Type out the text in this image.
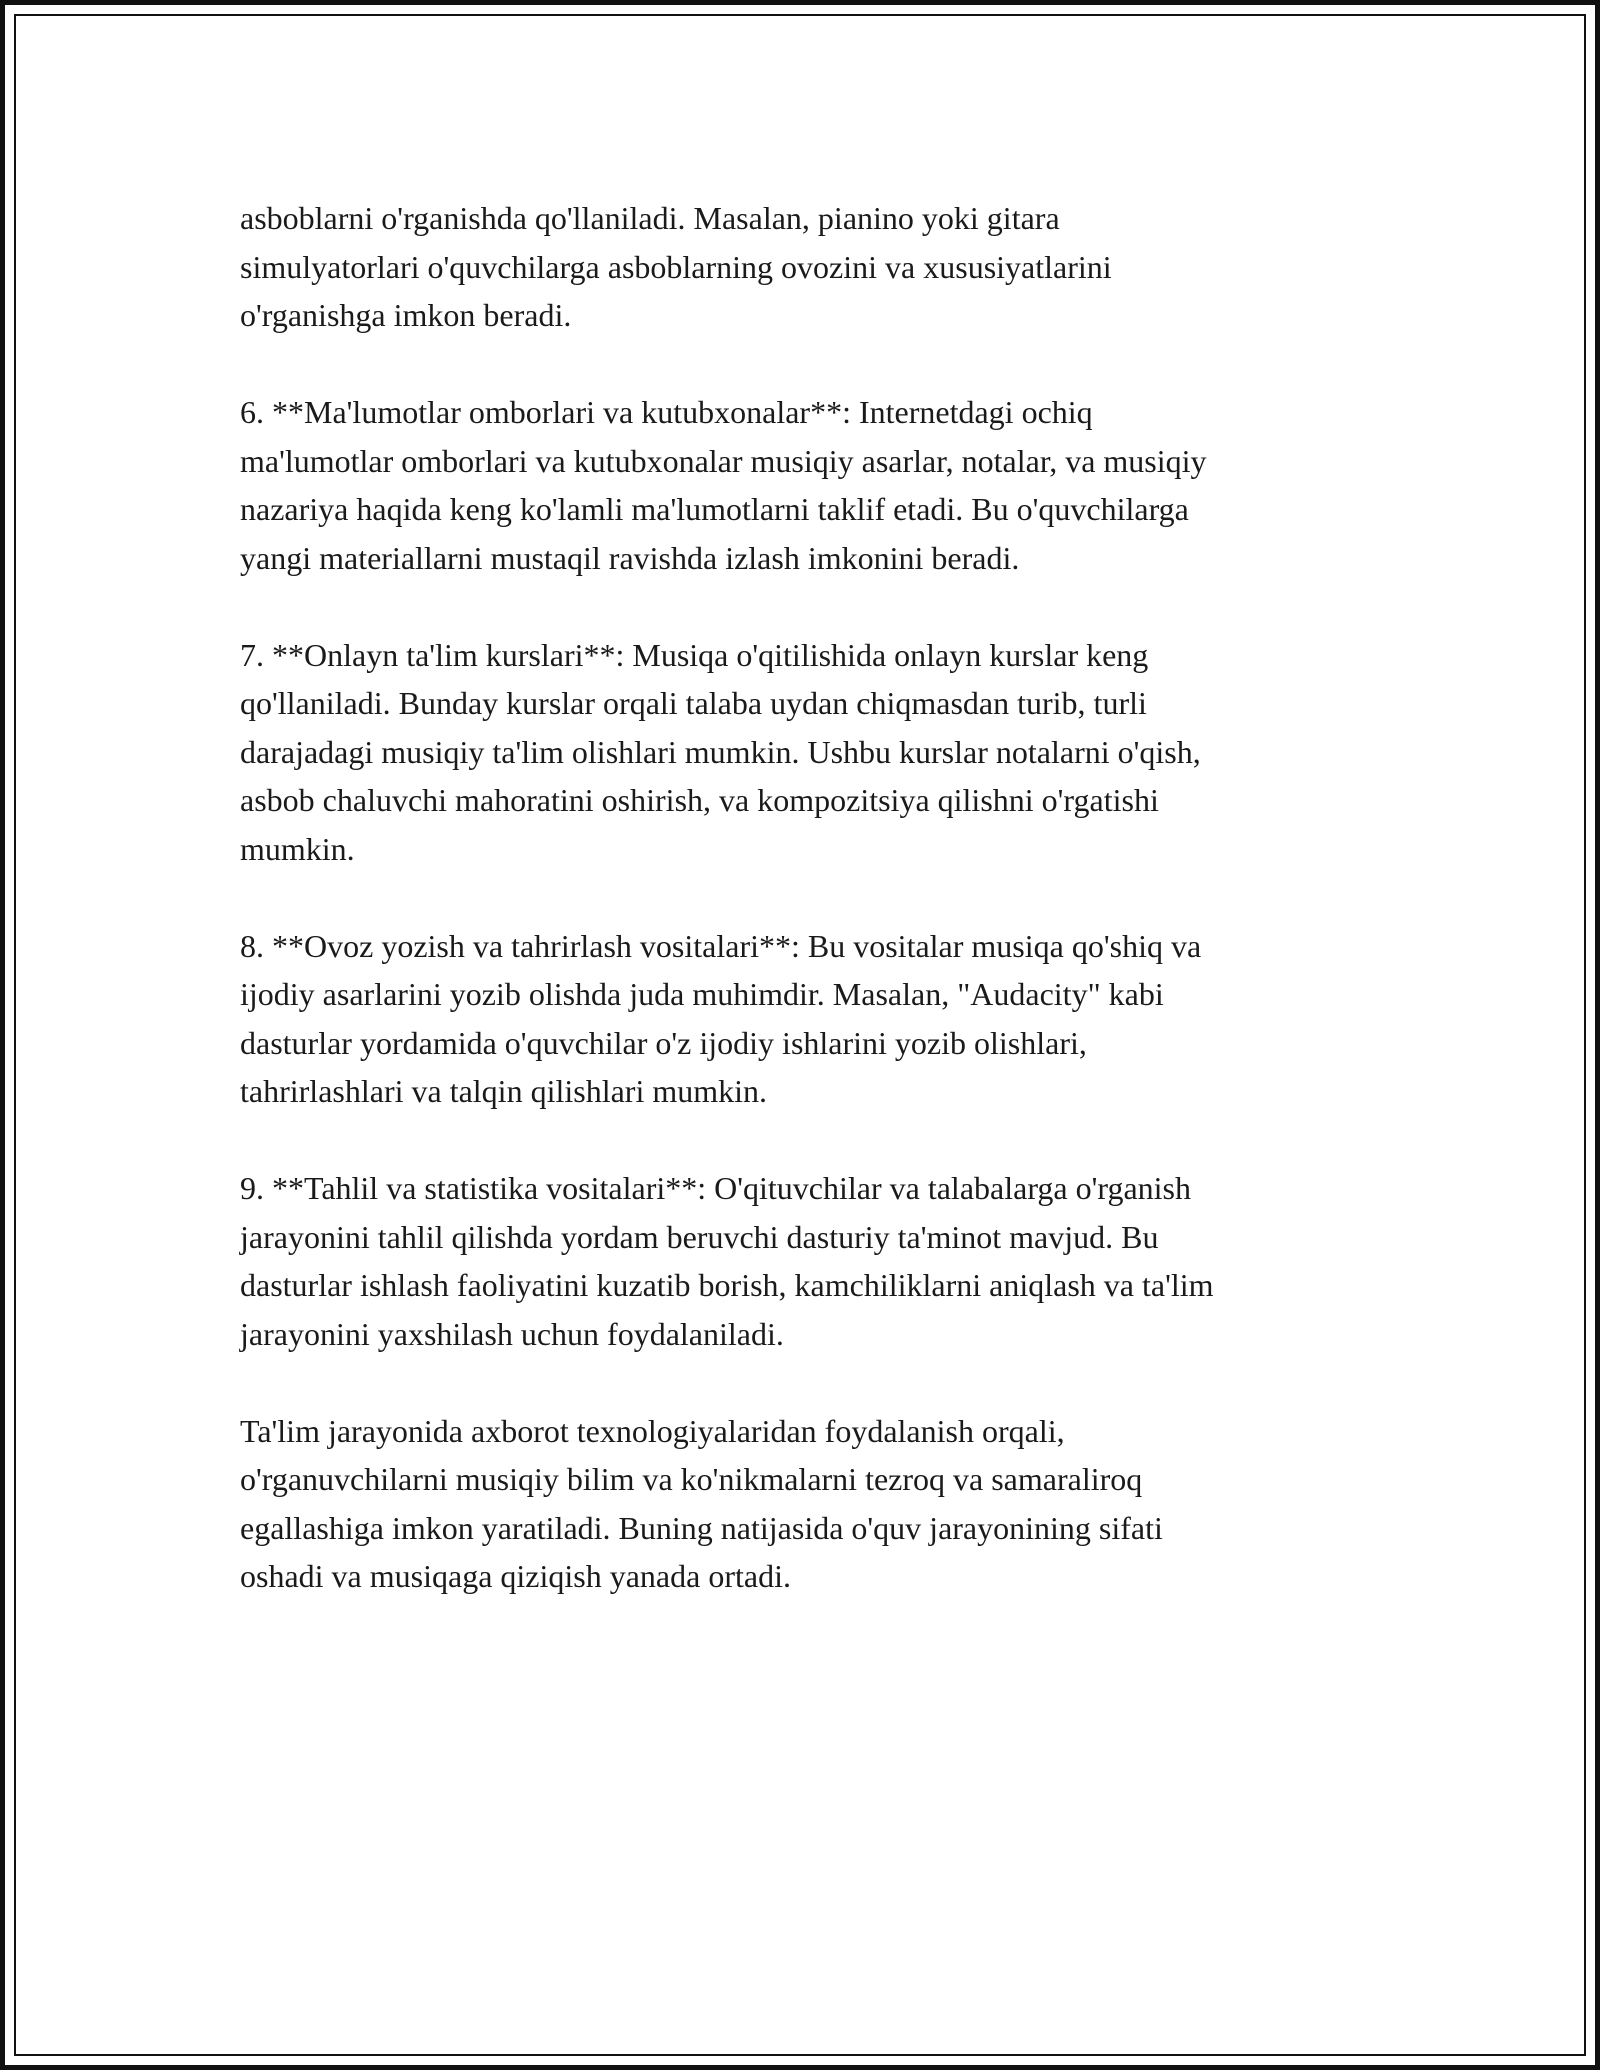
asboblarni o'rganishda qo'llaniladi. Masalan, pianino yoki gitara
simulyatorlari o'quvchilarga asboblarning ovozini va xususiyatlarini
o'rganishga imkon beradi.

6. **Ma'lumotlar omborlari va kutubxonalar**: Internetdagi ochiq
ma'lumotlar omborlari va kutubxonalar musiqiy asarlar, notalar, va musiqiy
nazariya haqida keng ko'lamli ma'lumotlarni taklif etadi. Bu o'quvchilarga
yangi materiallarni mustaqil ravishda izlash imkonini beradi.

7. **Onlayn ta'lim kurslari**: Musiqa o'qitilishida onlayn kurslar keng
qo'llaniladi. Bunday kurslar orqali talaba uydan chiqmasdan turib, turli
darajadagi musiqiy ta'lim olishlari mumkin. Ushbu kurslar notalarni o'qish,
asbob chaluvchi mahoratini oshirish, va kompozitsiya qilishni o'rgatishi
mumkin.

8. **Ovoz yozish va tahrirlash vositalari**: Bu vositalar musiqa qo'shiq va
ijodiy asarlarini yozib olishda juda muhimdir. Masalan, "Audacity" kabi
dasturlar yordamida o'quvchilar o'z ijodiy ishlarini yozib olishlari,
tahrirlashlari va talqin qilishlari mumkin.

9. **Tahlil va statistika vositalari**: O'qituvchilar va talabalarga o'rganish
jarayonini tahlil qilishda yordam beruvchi dasturiy ta'minot mavjud. Bu
dasturlar ishlash faoliyatini kuzatib borish, kamchiliklarni aniqlash va ta'lim
jarayonini yaxshilash uchun foydalaniladi.

Ta'lim jarayonida axborot texnologiyalaridan foydalanish orqali,
o'rganuvchilarni musiqiy bilim va ko'nikmalarni tezroq va samaraliroq
egallashiga imkon yaratiladi. Buning natijasida o'quv jarayonining sifati
oshadi va musiqaga qiziqish yanada ortadi.
